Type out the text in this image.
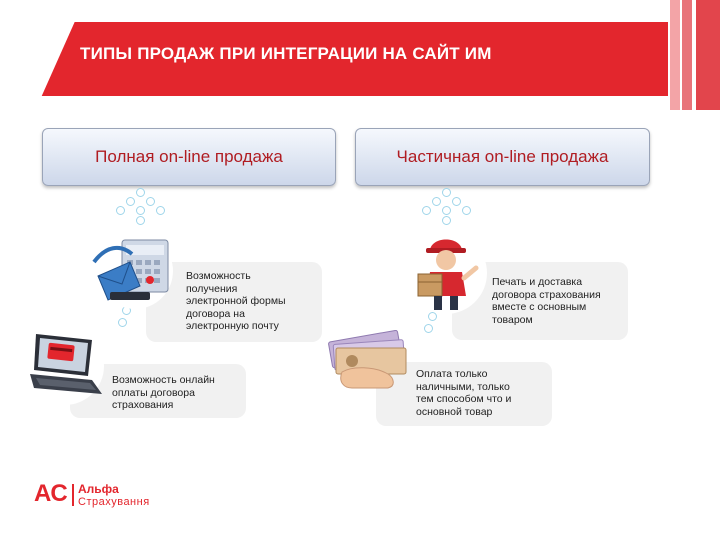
ТИПЫ ПРОДАЖ ПРИ ИНТЕГРАЦИИ НА САЙТ ИМ
Полная on-line продажа	Частичная on-line продажа
Возможность
получения
электронной формы
договора на
электронную почту
Возможность онлайн
оплаты договора
страхования
Печать и доставка
договора страхования
вместе с основным
товаром
Оплата только
наличными, только
тем способом что и
основной товар
AC Альфа
Страхування
